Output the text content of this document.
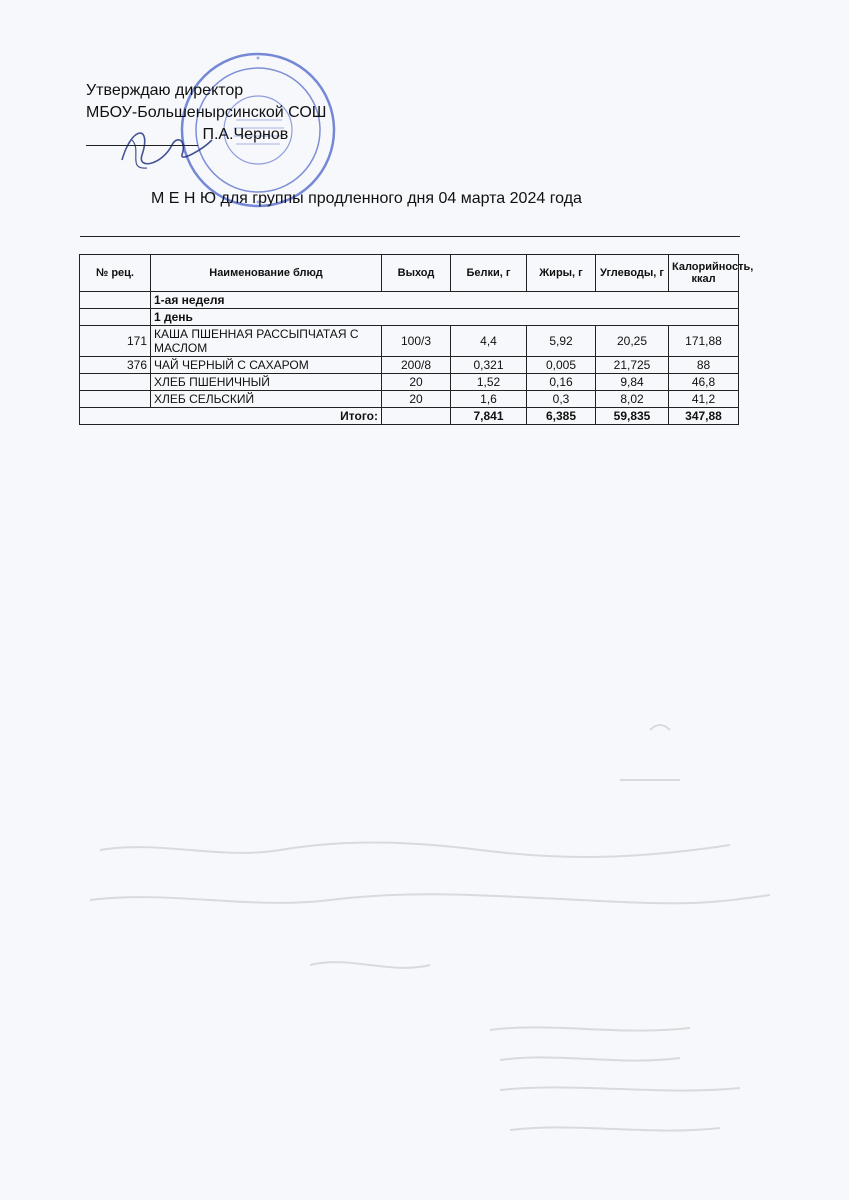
Утверждаю директор
МБОУ-Большенырсинской СОШ
П.А.Чернов
М Е Н Ю для группы продленного дня 04 марта 2024 года
№ рец.	Наименование блюд	Выход	Белки, г	Жиры, г	Углеводы, г	Калорийность, ккал
	1-ая неделя					
	1 день					
171	КАША ПШЕННАЯ РАССЫПЧАТАЯ С МАСЛОМ	100/3	4,4	5,92	20,25	171,88
376	ЧАЙ ЧЕРНЫЙ С САХАРОМ	200/8	0,321	0,005	21,725	88
	ХЛЕБ ПШЕНИЧНЫЙ	20	1,52	0,16	9,84	46,8
	ХЛЕБ СЕЛЬСКИЙ	20	1,6	0,3	8,02	41,2
Итого:			7,841	6,385	59,835	347,88
